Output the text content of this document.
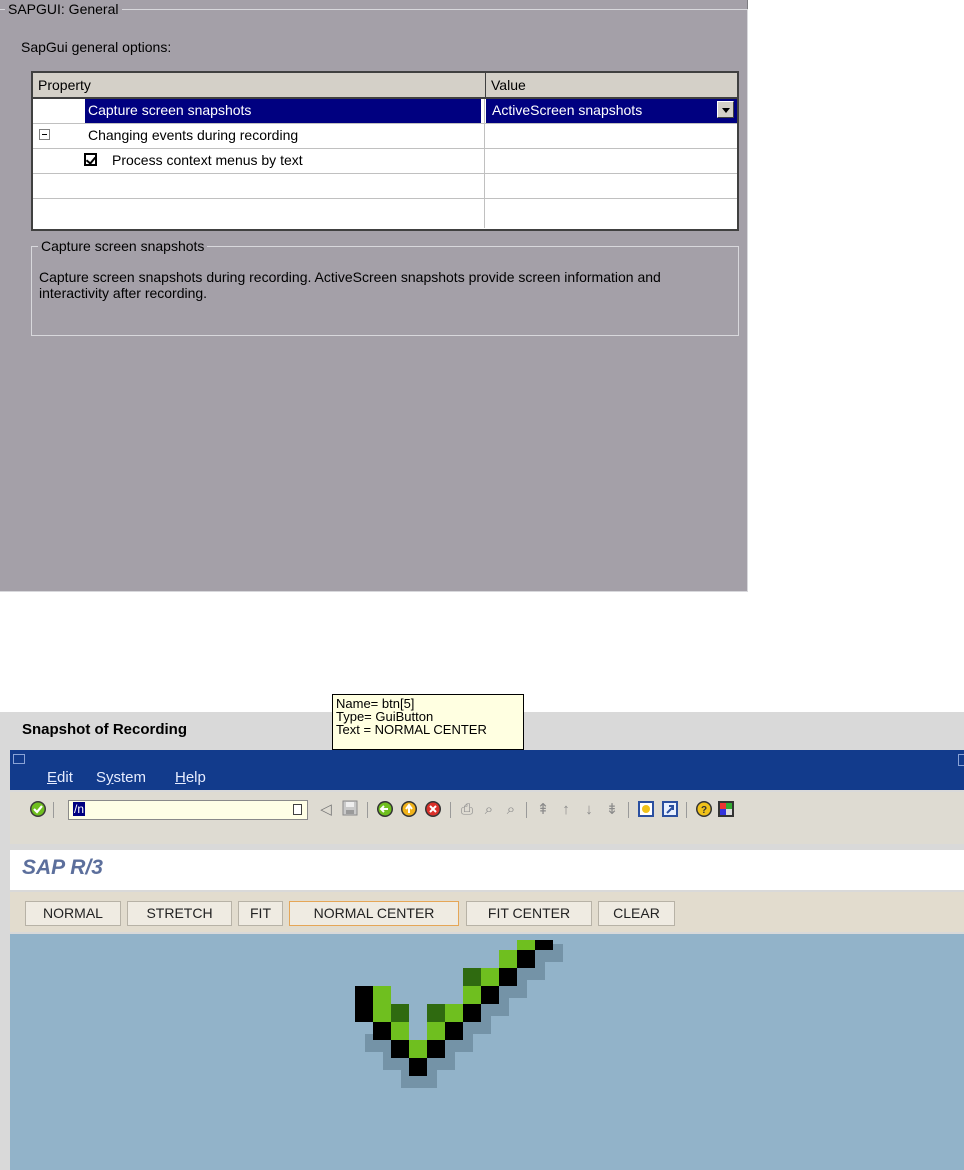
SAPGUI: General
SapGui general options:
Property	Value
Capture screen snapshots	ActiveScreen snapshots
Changing events during recording
Process context menus by text
Capture screen snapshots
Capture screen snapshots during recording. ActiveScreen snapshots provide screen information and interactivity after recording.
Snapshot of Recording
Edit System Help
/n	◁	⎙ ⌕ ⌕	⇞ ↑	↓ ⇟	?
SAP R/3
NORMAL	STRETCH	FIT	NORMAL CENTER	FIT CENTER	CLEAR
Name= btn[5]
Type= GuiButton
Text = NORMAL CENTER
